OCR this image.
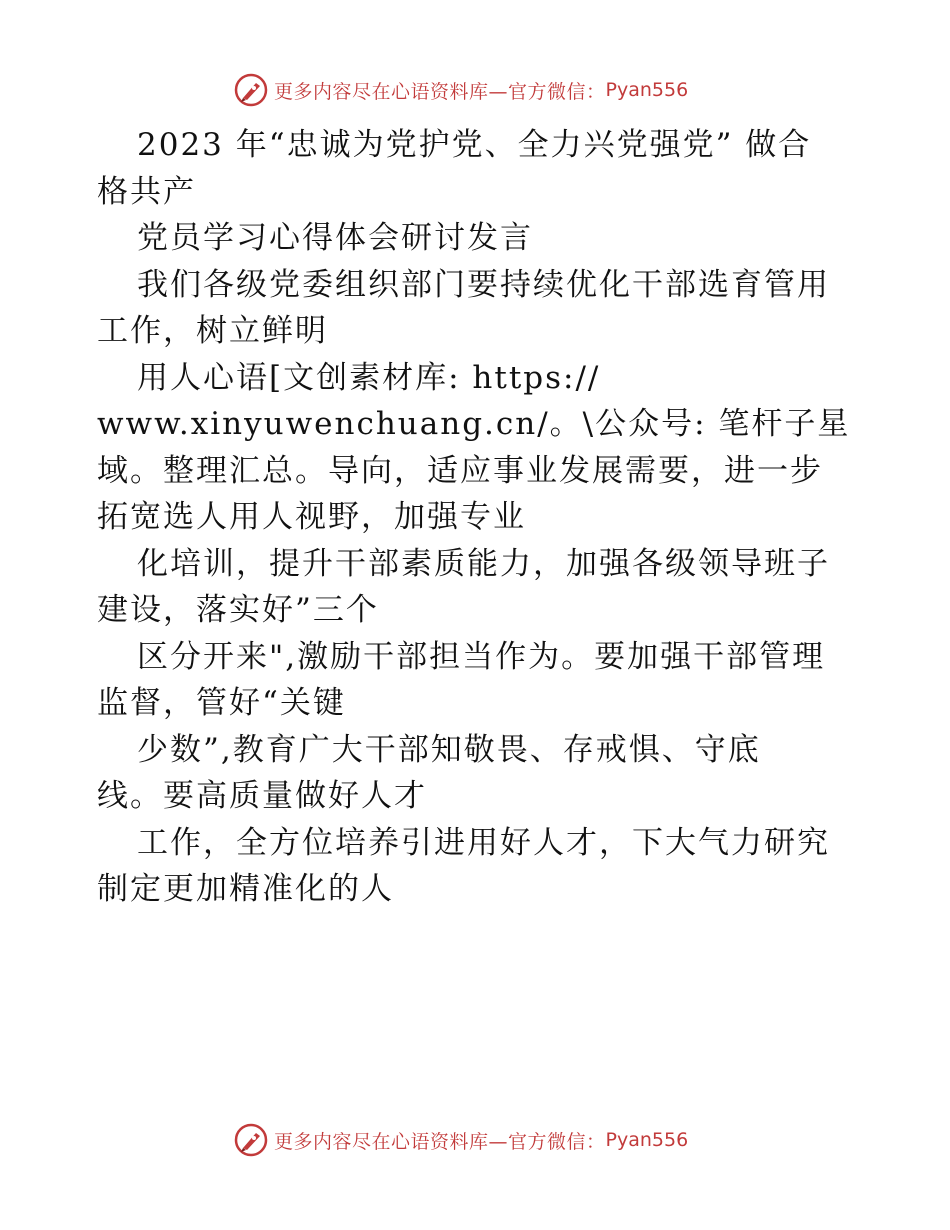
更多内容尽在心语资料库—官方微信： Pyan556
2023 年“忠诚为党护党、全力兴党强党” 做合
格共产
党员学习心得体会研讨发言
我们各级党委组织部门要持续优化干部选育管用
工作，树立鲜明
用人心语[文创素材库: https://
www.xinyuwenchuang.cn/。\公众号: 笔杆子星
域。整理汇总。导向，适应事业发展需要，进一步
拓宽选人用人视野，加强专业
化培训，提升干部素质能力，加强各级领导班子
建设，落实好”三个
区分开来",激励干部担当作为。要加强干部管理
监督，管好“关键
少数”,教育广大干部知敬畏、存戒惧、守底
线。要高质量做好人才
工作，全方位培养引进用好人才，下大气力研究
制定更加精准化的人
更多内容尽在心语资料库—官方微信： Pyan556
